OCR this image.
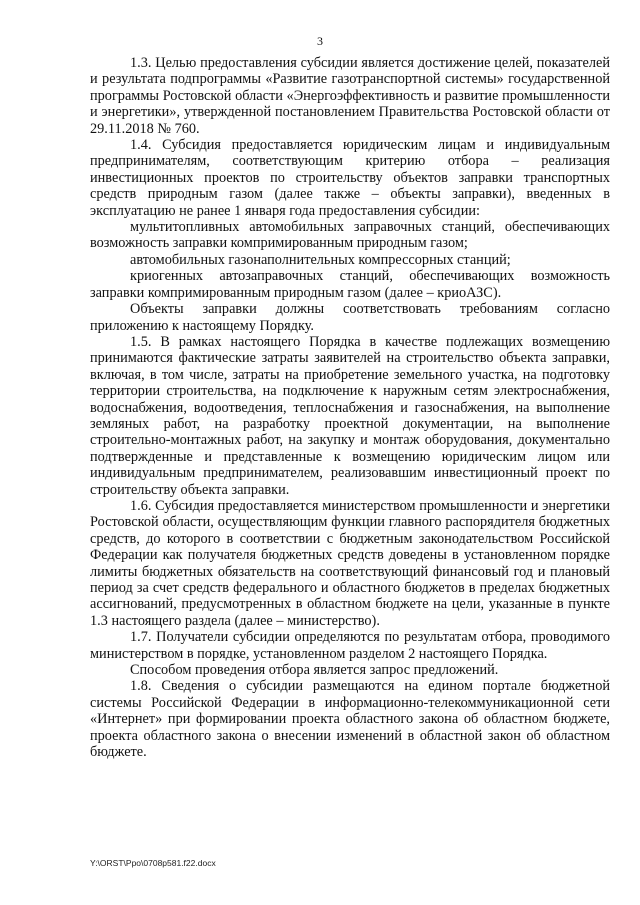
3

1.3. Целью предоставления субсидии является достижение целей, показателей и результата подпрограммы «Развитие газотранспортной системы» государственной программы Ростовской области «Энергоэффективность и развитие промышленности и энергетики», утвержденной постановлением Правительства Ростовской области от 29.11.2018 № 760.

1.4. Субсидия предоставляется юридическим лицам и индивидуальным предпринимателям, соответствующим критерию отбора – реализация инвестиционных проектов по строительству объектов заправки транспортных средств природным газом (далее также – объекты заправки), введенных в эксплуатацию не ранее 1 января года предоставления субсидии:

мультитопливных автомобильных заправочных станций, обеспечивающих возможность заправки компримированным природным газом;

автомобильных газонаполнительных компрессорных станций;

криогенных автозаправочных станций, обеспечивающих возможность заправки компримированным природным газом (далее – криоАЗС).

Объекты заправки должны соответствовать требованиям согласно приложению к настоящему Порядку.

1.5. В рамках настоящего Порядка в качестве подлежащих возмещению принимаются фактические затраты заявителей на строительство объекта заправки, включая, в том числе, затраты на приобретение земельного участка, на подготовку территории строительства, на подключение к наружным сетям электроснабжения, водоснабжения, водоотведения, теплоснабжения и газоснабжения, на выполнение земляных работ, на разработку проектной документации, на выполнение строительно-монтажных работ, на закупку и монтаж оборудования, документально подтвержденные и представленные к возмещению юридическим лицом или индивидуальным предпринимателем, реализовавшим инвестиционный проект по строительству объекта заправки.

1.6. Субсидия предоставляется министерством промышленности и энергетики Ростовской области, осуществляющим функции главного распорядителя бюджетных средств, до которого в соответствии с бюджетным законодательством Российской Федерации как получателя бюджетных средств доведены в установленном порядке лимиты бюджетных обязательств на соответствующий финансовый год и плановый период за счет средств федерального и областного бюджетов в пределах бюджетных ассигнований, предусмотренных в областном бюджете на цели, указанные в пункте 1.3 настоящего раздела (далее – министерство).

1.7. Получатели субсидии определяются по результатам отбора, проводимого министерством в порядке, установленном разделом 2 настоящего Порядка.

Способом проведения отбора является запрос предложений.

1.8. Сведения о субсидии размещаются на едином портале бюджетной системы Российской Федерации в информационно-телекоммуникационной сети «Интернет» при формировании проекта областного закона об областном бюджете, проекта областного закона о внесении изменений в областной закон об областном бюджете.

Y:\ORST\Ppo\0708p581.f22.docx
